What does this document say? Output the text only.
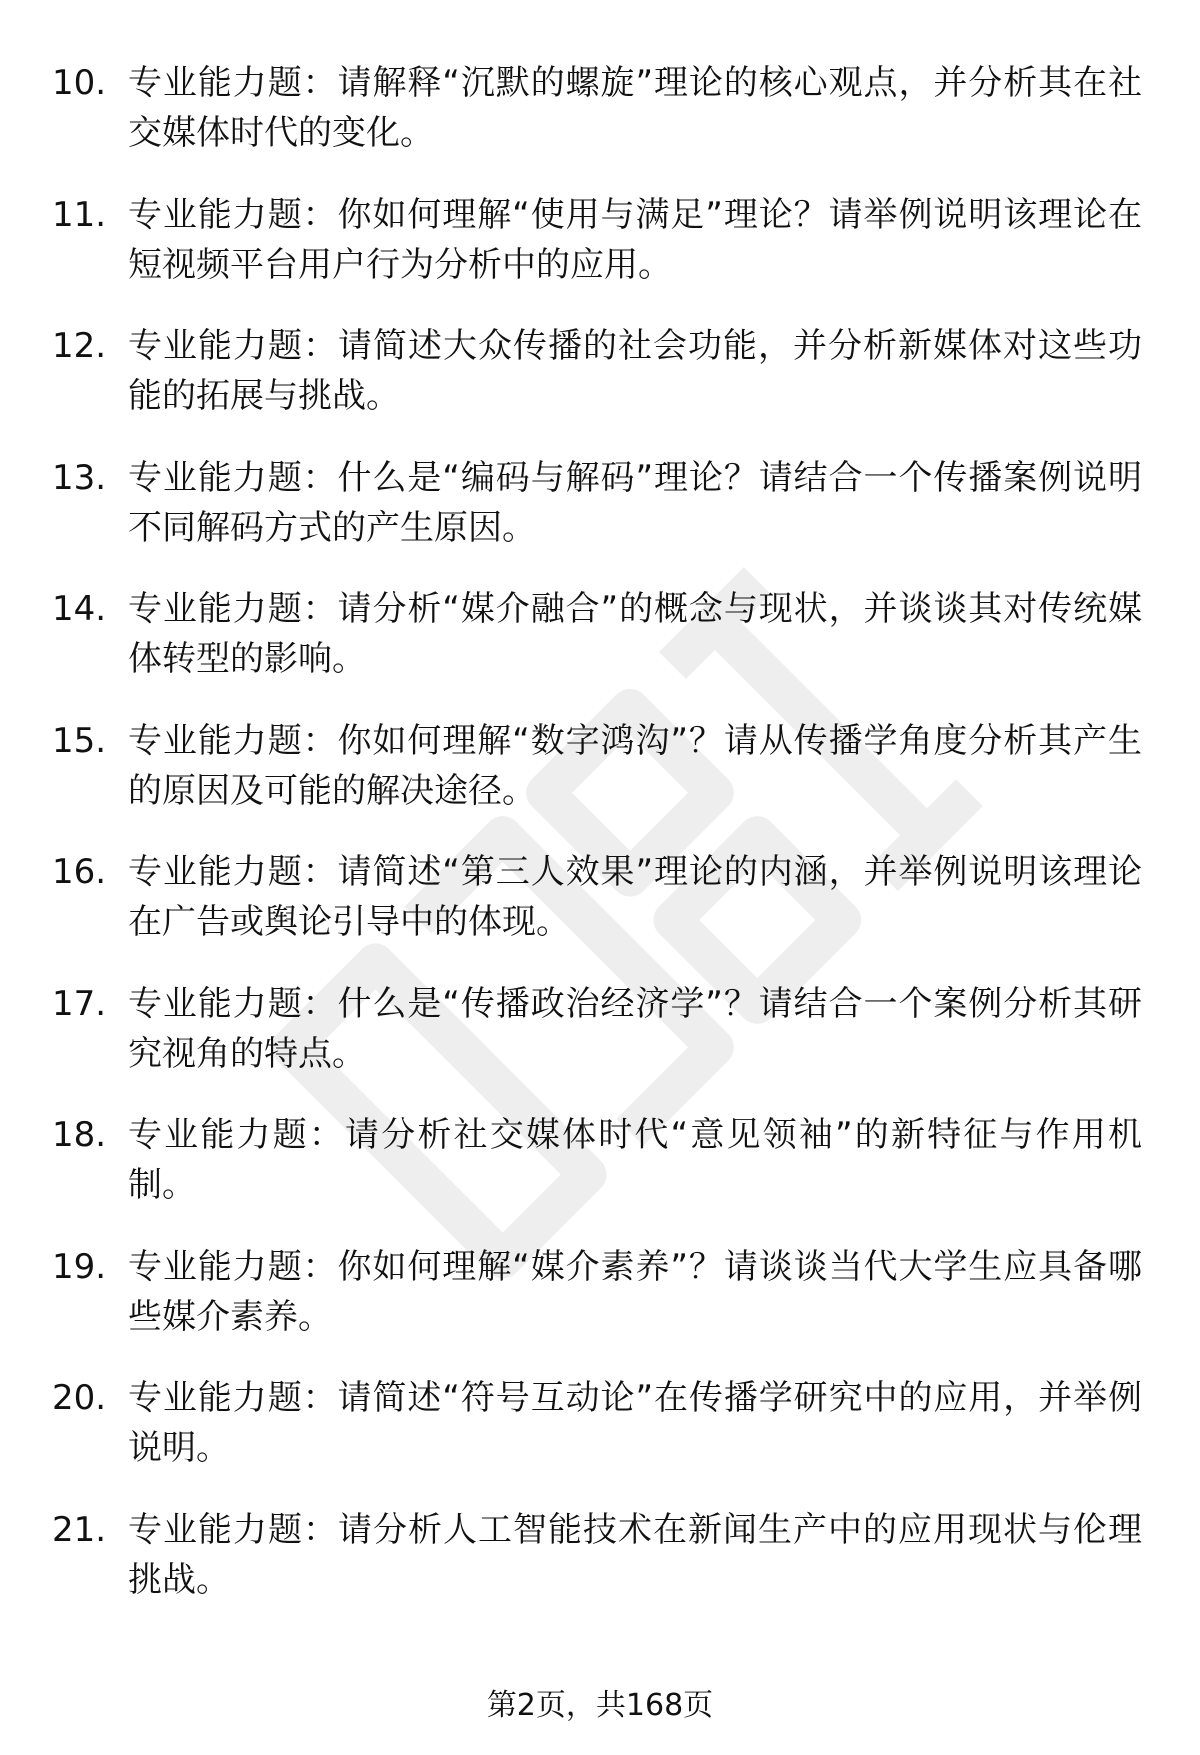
10. 专业能力题：请解释“沉默的螺旋”理论的核心观点，并分析其在社交媒体时代的变化。
11. 专业能力题：你如何理解“使用与满足”理论？请举例说明该理论在短视频平台用户行为分析中的应用。
12. 专业能力题：请简述大众传播的社会功能，并分析新媒体对这些功能的拓展与挑战。
13. 专业能力题：什么是“编码与解码”理论？请结合一个传播案例说明不同解码方式的产生原因。
14. 专业能力题：请分析“媒介融合”的概念与现状，并谈谈其对传统媒体转型的影响。
15. 专业能力题：你如何理解“数字鸿沟”？请从传播学角度分析其产生的原因及可能的解决途径。
16. 专业能力题：请简述“第三人效果”理论的内涵，并举例说明该理论在广告或舆论引导中的体现。
17. 专业能力题：什么是“传播政治经济学”？请结合一个案例分析其研究视角的特点。
18. 专业能力题：请分析社交媒体时代“意见领袖”的新特征与作用机制。
19. 专业能力题：你如何理解“媒介素养”？请谈谈当代大学生应具备哪些媒介素养。
20. 专业能力题：请简述“符号互动论”在传播学研究中的应用，并举例说明。
21. 专业能力题：请分析人工智能技术在新闻生产中的应用现状与伦理挑战。
第2页，共168页
